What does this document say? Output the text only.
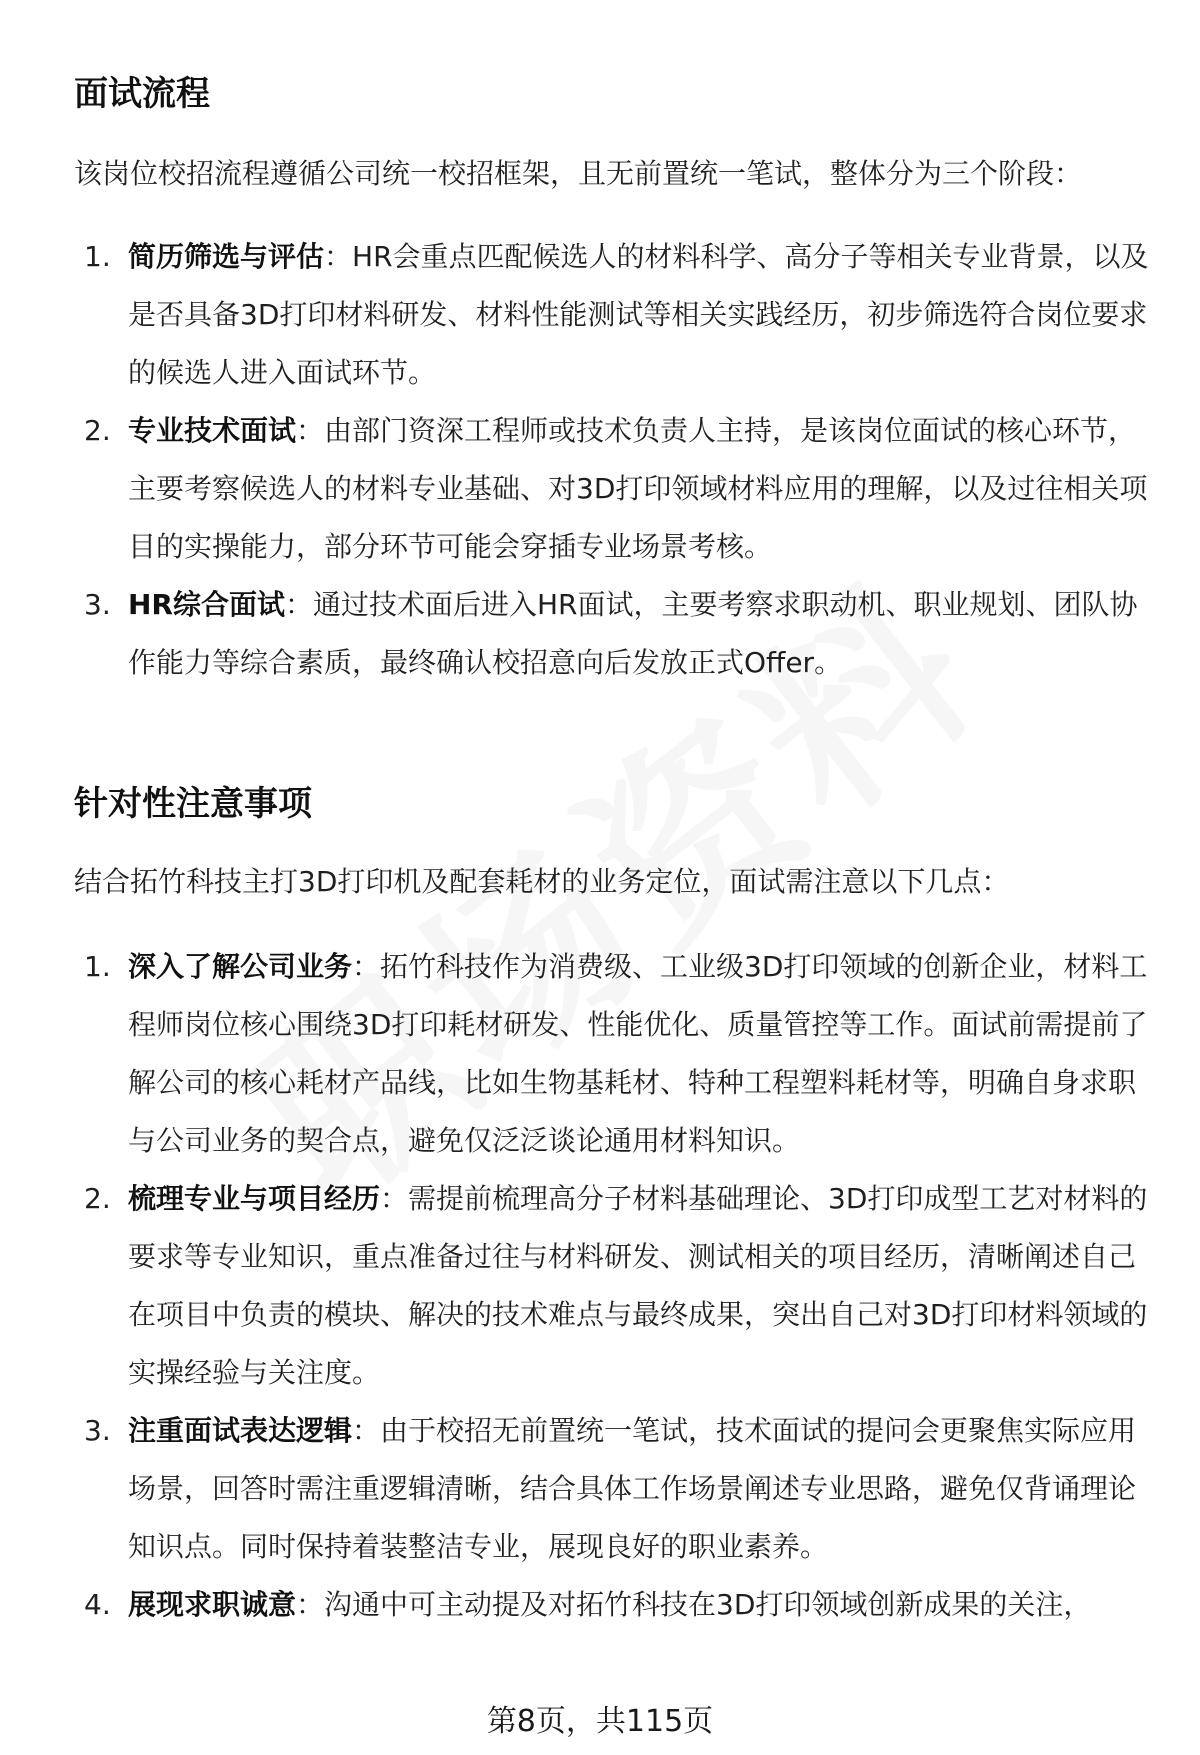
面试流程

该岗位校招流程遵循公司统一校招框架，且无前置统一笔试，整体分为三个阶段：

1. 简历筛选与评估：HR会重点匹配候选人的材料科学、高分子等相关专业背景，以及是否具备3D打印材料研发、材料性能测试等相关实践经历，初步筛选符合岗位要求的候选人进入面试环节。
2. 专业技术面试：由部门资深工程师或技术负责人主持，是该岗位面试的核心环节，主要考察候选人的材料专业基础、对3D打印领域材料应用的理解，以及过往相关项目的实操能力，部分环节可能会穿插专业场景考核。
3. HR综合面试：通过技术面后进入HR面试，主要考察求职动机、职业规划、团队协作能力等综合素质，最终确认校招意向后发放正式Offer。
针对性注意事项

结合拓竹科技主打3D打印机及配套耗材的业务定位，面试需注意以下几点：

1. 深入了解公司业务：拓竹科技作为消费级、工业级3D打印领域的创新企业，材料工程师岗位核心围绕3D打印耗材研发、性能优化、质量管控等工作。面试前需提前了解公司的核心耗材产品线，比如生物基耗材、特种工程塑料耗材等，明确自身求职与公司业务的契合点，避免仅泛泛谈论通用材料知识。
2. 梳理专业与项目经历：需提前梳理高分子材料基础理论、3D打印成型工艺对材料的要求等专业知识，重点准备过往与材料研发、测试相关的项目经历，清晰阐述自己在项目中负责的模块、解决的技术难点与最终成果，突出自己对3D打印材料领域的实操经验与关注度。
3. 注重面试表达逻辑：由于校招无前置统一笔试，技术面试的提问会更聚焦实际应用场景，回答时需注重逻辑清晰，结合具体工作场景阐述专业思路，避免仅背诵理论知识点。同时保持着装整洁专业，展现良好的职业素养。
4. 展现求职诚意：沟通中可主动提及对拓竹科技在3D打印领域创新成果的关注，
第8页，共115页
